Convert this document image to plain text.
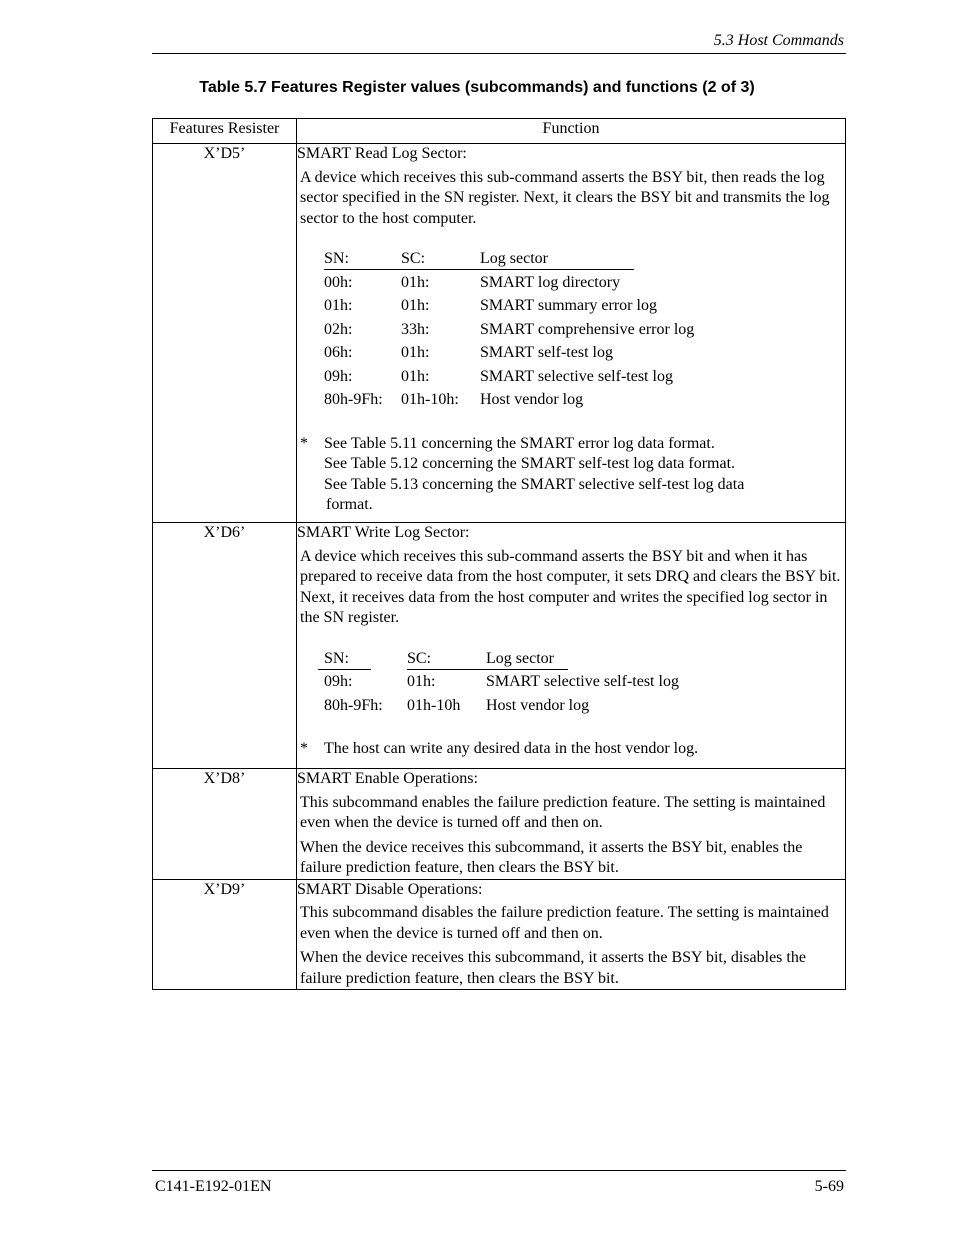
5.3 Host Commands
Table 5.7 Features Register values (subcommands) and functions (2 of 3)
Features Resister	Function
X’D5’	SMART Read Log Sector:
A device which receives this sub-command asserts the BSY bit, then reads the log sector specified in the SN register. Next, it clears the BSY bit and transmits the log sector to the host computer.
SN:	SC:	Log sector
00h:	01h:	SMART log directory
01h:	01h:	SMART summary error log
02h:	33h:	SMART comprehensive error log
06h:	01h:	SMART self-test log
09h:	01h:	SMART selective self-test log
80h-9Fh:	01h-10h:	Host vendor log
*	See Table 5.11 concerning the SMART error log data format.
See Table 5.12 concerning the SMART self-test log data format.
See Table 5.13 concerning the SMART selective self-test log data
format.

X’D6’	SMART Write Log Sector:
A device which receives this sub-command asserts the BSY bit and when it has prepared to receive data from the host computer, it sets DRQ and clears the BSY bit. Next, it receives data from the host computer and writes the specified log sector in the SN register.
SN:	SC:	Log sector
09h:	01h:	SMART selective self-test log
80h-9Fh:	01h-10h	Host vendor log
*	The host can write any desired data in the host vendor log.

X’D8’	SMART Enable Operations:
This subcommand enables the failure prediction feature. The setting is maintained even when the device is turned off and then on.
When the device receives this subcommand, it asserts the BSY bit, enables the failure prediction feature, then clears the BSY bit.

X’D9’	SMART Disable Operations:
This subcommand disables the failure prediction feature. The setting is maintained even when the device is turned off and then on.
When the device receives this subcommand, it asserts the BSY bit, disables the failure prediction feature, then clears the BSY bit.
C141-E192-01EN	5-69
